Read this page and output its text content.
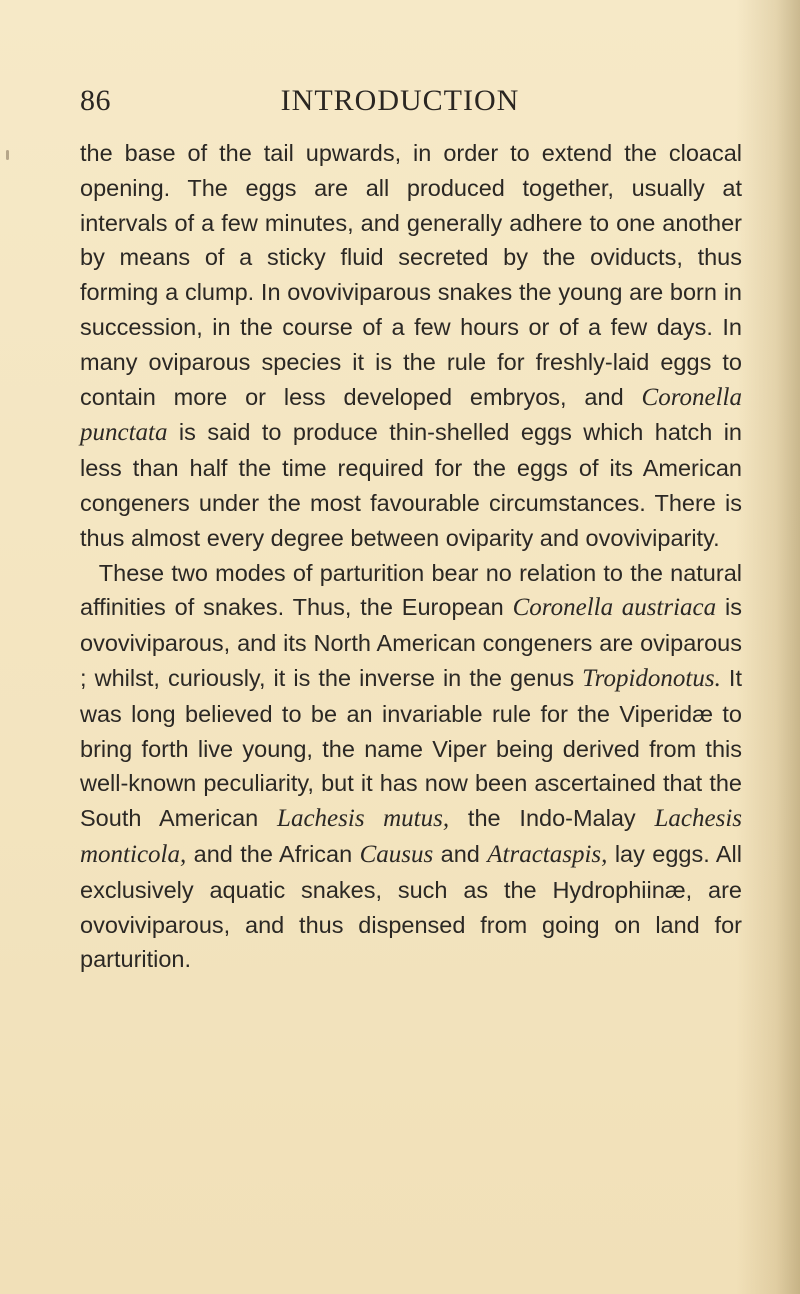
86	INTRODUCTION

the base of the tail upwards, in order to extend the cloacal opening. The eggs are all produced together, usually at intervals of a few minutes, and generally adhere to one another by means of a sticky fluid secreted by the oviducts, thus forming a clump. In ovoviviparous snakes the young are born in succession, in the course of a few hours or of a few days. In many oviparous species it is the rule for freshly-laid eggs to contain more or less developed embryos, and Coronella punctata is said to produce thin-shelled eggs which hatch in less than half the time required for the eggs of its American congeners under the most favourable circumstances. There is thus almost every degree between oviparity and ovoviviparity.

These two modes of parturition bear no relation to the natural affinities of snakes. Thus, the European Coronella austriaca is ovoviviparous, and its North American congeners are oviparous ; whilst, curiously, it is the inverse in the genus Tropidonotus. It was long believed to be an invariable rule for the Viperidæ to bring forth live young, the name Viper being derived from this well-known peculiarity, but it has now been ascertained that the South American Lachesis mutus, the Indo-Malay Lachesis monticola, and the African Causus and Atractaspis, lay eggs. All exclusively aquatic snakes, such as the Hydrophiinæ, are ovoviviparous, and thus dispensed from going on land for parturition.
